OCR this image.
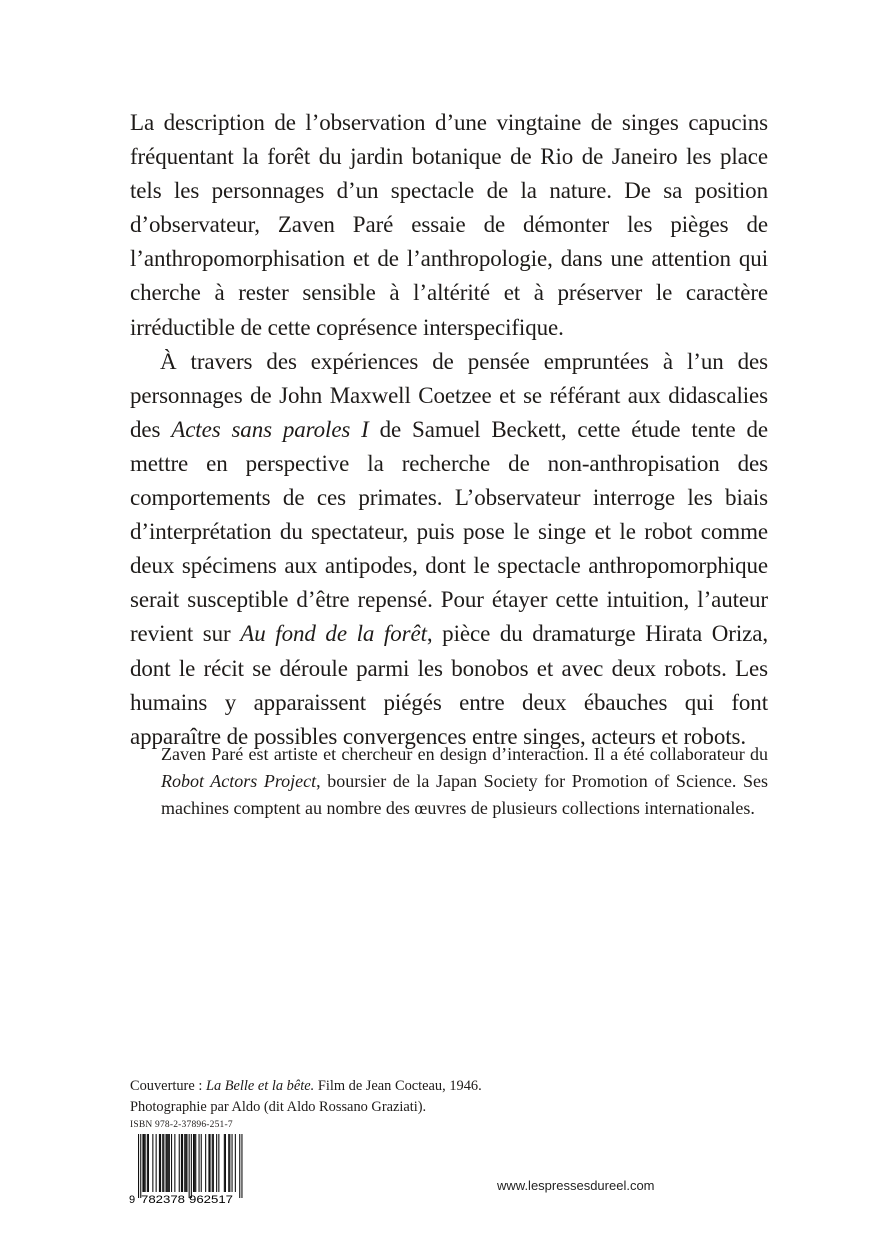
La description de l’observation d’une vingtaine de singes capucins fréquentant la forêt du jardin botanique de Rio de Janeiro les place tels les personnages d’un spectacle de la nature. De sa position d’observateur, Zaven Paré essaie de démonter les pièges de l’anthropomorphisation et de l’anthropologie, dans une attention qui cherche à rester sensible à l’altérité et à préserver le caractère irréductible de cette coprésence interspecifique.

À travers des expériences de pensée empruntées à l’un des personnages de John Maxwell Coetzee et se référant aux didascalies des Actes sans paroles I de Samuel Beckett, cette étude tente de mettre en perspective la recherche de non-anthropisation des comportements de ces primates. L’observateur interroge les biais d’interprétation du spectateur, puis pose le singe et le robot comme deux spécimens aux antipodes, dont le spectacle anthropomorphique serait susceptible d’être repensé. Pour étayer cette intuition, l’auteur revient sur Au fond de la forêt, pièce du dramaturge Hirata Oriza, dont le récit se déroule parmi les bonobos et avec deux robots. Les humains y apparaissent piégés entre deux ébauches qui font apparaître de possibles convergences entre singes, acteurs et robots.

Zaven Paré est artiste et chercheur en design d’interaction. Il a été collaborateur du Robot Actors Project, boursier de la Japan Society for Promotion of Science. Ses machines comptent au nombre des œuvres de plusieurs collections internationales.

Couverture : La Belle et la bête. Film de Jean Cocteau, 1946.
Photographie par Aldo (dit Aldo Rossano Graziati).
ISBN 978-2-37896-251-7
9 782378 962517
www.lespressesdureel.com
